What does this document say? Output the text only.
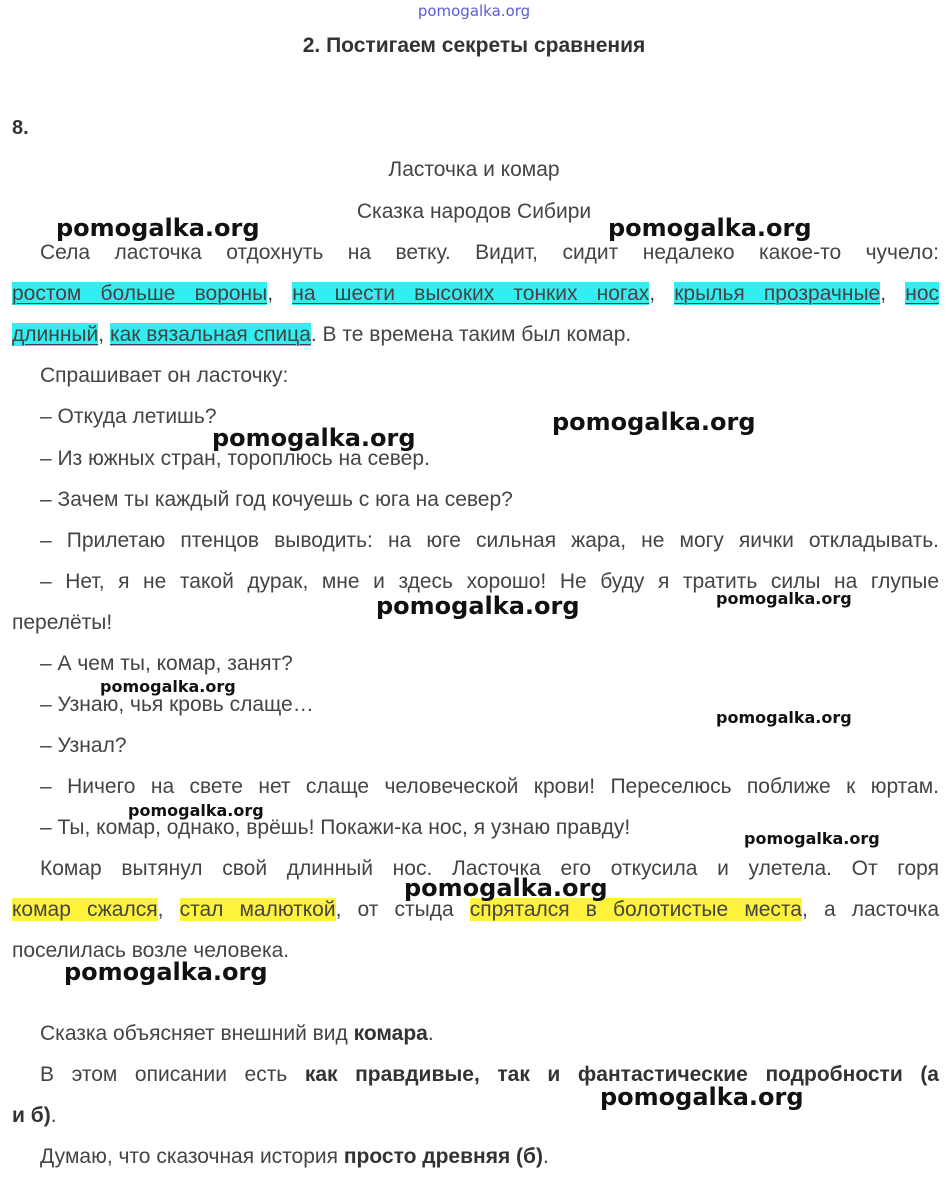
pomogalka.org
2. Постигаем секреты сравнения
8.
Ласточка и комар
Сказка народов Сибири
Села ласточка отдохнуть на ветку. Видит, сидит недалеко какое-то чучело:
ростом больше вороны, на шести высоких тонких ногах, крылья прозрачные, нос
длинный, как вязальная спица. В те времена таким был комар.
Спрашивает он ласточку:
– Откуда летишь?
– Из южных стран, тороплюсь на север.
– Зачем ты каждый год кочуешь с юга на север?
– Прилетаю птенцов выводить: на юге сильная жара, не могу яички откладывать.
– Нет, я не такой дурак, мне и здесь хорошо! Не буду я тратить силы на глупые
перелёты!
– А чем ты, комар, занят?
– Узнаю, чья кровь слаще…
– Узнал?
– Ничего на свете нет слаще человеческой крови! Переселюсь поближе к юртам.
– Ты, комар, однако, врёшь! Покажи-ка нос, я узнаю правду!
Комар вытянул свой длинный нос. Ласточка его откусила и улетела. От горя
комар сжался, стал малюткой, от стыда спрятался в болотистые места, а ласточка
поселилась возле человека.
Сказка объясняет внешний вид комара.
В этом описании есть как правдивые, так и фантастические подробности (а
и б).
Думаю, что сказочная история просто древняя (б).
pomogalka.org	pomogalka.org
pomogalka.org
pomogalka.org
pomogalka.org	pomogalka.org
pomogalka.org
pomogalka.org
pomogalka.org
pomogalka.org
pomogalka.org
pomogalka.org
pomogalka.org
